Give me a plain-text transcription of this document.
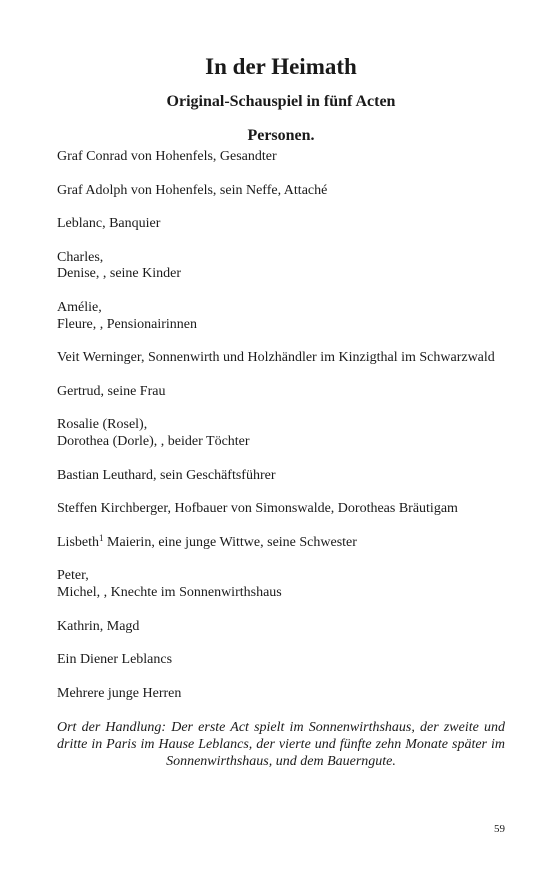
In der Heimath
Original-Schauspiel in fünf Acten
Personen.

Graf Conrad von Hohenfels, Gesandter

Graf Adolph von Hohenfels, sein Neffe, Attaché

Leblanc, Banquier

Charles,
Denise, , seine Kinder

Amélie,
Fleure, , Pensionairinnen

Veit Werninger, Sonnenwirth und Holzhändler im Kinzigthal im Schwarzwald

Gertrud, seine Frau

Rosalie (Rosel),
Dorothea (Dorle), , beider Töchter

Bastian Leuthard, sein Geschäftsführer

Steffen Kirchberger, Hofbauer von Simonswalde, Dorotheas Bräutigam

Lisbeth$^1$ Maierin, eine junge Wittwe, seine Schwester

Peter,
Michel, , Knechte im Sonnenwirthshaus

Kathrin, Magd

Ein Diener Leblancs

Mehrere junge Herren

Ort der Handlung: Der erste Act spielt im Sonnenwirthshaus, der zweite und dritte in Paris im Hause Leblancs, der vierte und fünfte zehn Monate später im Sonnenwirthshaus, und dem Bauerngute.

59
